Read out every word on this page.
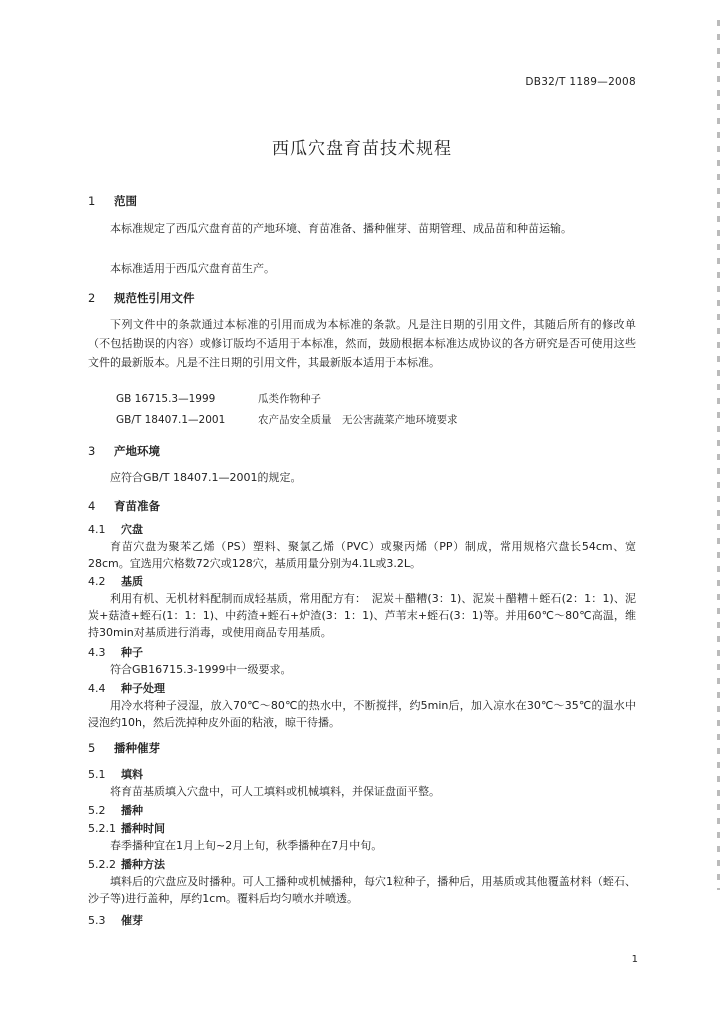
DB32/T 1189—2008
西瓜穴盘育苗技术规程
1 范围
本标准规定了西瓜穴盘育苗的产地环境、育苗准备、播种催芽、苗期管理、成品苗和种苗运输。
本标准适用于西瓜穴盘育苗生产。
2 规范性引用文件
下列文件中的条款通过本标准的引用而成为本标准的条款。凡是注日期的引用文件，其随后所有的修改单（不包括勘误的内容）或修订版均不适用于本标准，然而，鼓励根据本标准达成协议的各方研究是否可使用这些文件的最新版本。凡是不注日期的引用文件，其最新版本适用于本标准。
GB 16715.3—1999	瓜类作物种子
GB/T 18407.1—2001	农产品安全质量　无公害蔬菜产地环境要求
3 产地环境
应符合GB/T 18407.1—2001的规定。
4 育苗准备
4.1 穴盘
育苗穴盘为聚苯乙烯（PS）塑料、聚氯乙烯（PVC）或聚丙烯（PP）制成，常用规格穴盘长54cm、宽28cm。宜选用穴格数72穴或128穴，基质用量分别为4.1L或3.2L。
4.2 基质
利用有机、无机材料配制而成轻基质，常用配方有：　泥炭＋醋糟(3：1)、泥炭＋醋糟＋蛭石(2：1：1)、泥炭+菇渣+蛭石(1：1：1)、中药渣+蛭石+炉渣(3：1：1)、芦苇末+蛭石(3：1)等。并用60℃～80℃高温，维持30min对基质进行消毒，或使用商品专用基质。
4.3 种子
符合GB16715.3-1999中一级要求。
4.4 种子处理
用冷水将种子浸湿，放入70℃～80℃的热水中，不断搅拌，约5min后，加入凉水在30℃～35℃的温水中浸泡约10h，然后洗掉种皮外面的粘液，晾干待播。
5 播种催芽
5.1 填料
将育苗基质填入穴盘中，可人工填料或机械填料，并保证盘面平整。
5.2 播种
5.2.1 播种时间
春季播种宜在1月上旬~2月上旬，秋季播种在7月中旬。
5.2.2 播种方法
填料后的穴盘应及时播种。可人工播种或机械播种，每穴1粒种子，播种后，用基质或其他覆盖材料（蛭石、沙子等)进行盖种，厚约1cm。覆料后均匀喷水并喷透。
5.3 催芽
1
